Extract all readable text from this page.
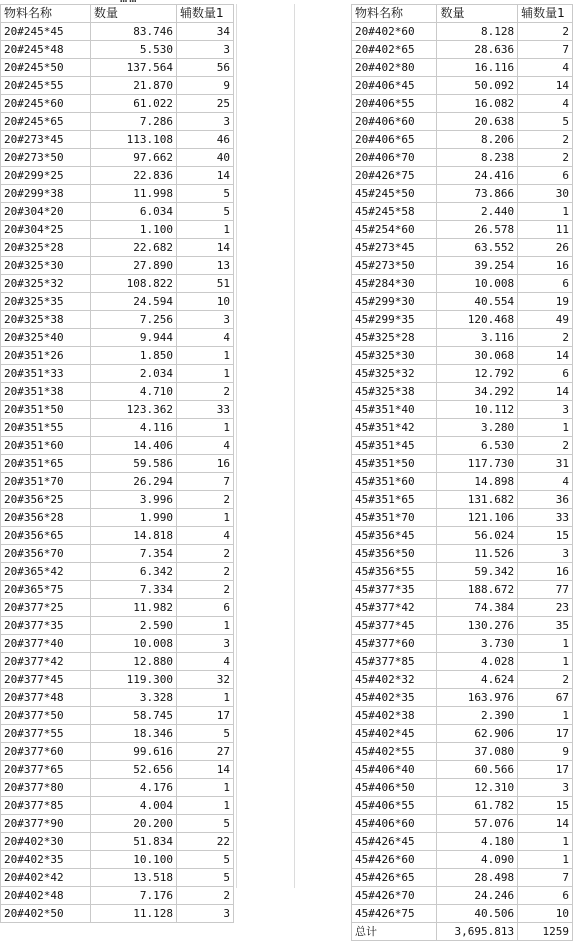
物料名称	数量	辅数量1
20#245*45	83.746	34
20#245*48	5.530	3
20#245*50	137.564	56
20#245*55	21.870	9
20#245*60	61.022	25
20#245*65	7.286	3
20#273*45	113.108	46
20#273*50	97.662	40
20#299*25	22.836	14
20#299*38	11.998	5
20#304*20	6.034	5
20#304*25	1.100	1
20#325*28	22.682	14
20#325*30	27.890	13
20#325*32	108.822	51
20#325*35	24.594	10
20#325*38	7.256	3
20#325*40	9.944	4
20#351*26	1.850	1
20#351*33	2.034	1
20#351*38	4.710	2
20#351*50	123.362	33
20#351*55	4.116	1
20#351*60	14.406	4
20#351*65	59.586	16
20#351*70	26.294	7
20#356*25	3.996	2
20#356*28	1.990	1
20#356*65	14.818	4
20#356*70	7.354	2
20#365*42	6.342	2
20#365*75	7.334	2
20#377*25	11.982	6
20#377*35	2.590	1
20#377*40	10.008	3
20#377*42	12.880	4
20#377*45	119.300	32
20#377*48	3.328	1
20#377*50	58.745	17
20#377*55	18.346	5
20#377*60	99.616	27
20#377*65	52.656	14
20#377*80	4.176	1
20#377*85	4.004	1
20#377*90	20.200	5
20#402*30	51.834	22
20#402*35	10.100	5
20#402*42	13.518	5
20#402*48	7.176	2
20#402*50	11.128	3
物料名称	数量	辅数量1
20#402*60	8.128	2
20#402*65	28.636	7
20#402*80	16.116	4
20#406*45	50.092	14
20#406*55	16.082	4
20#406*60	20.638	5
20#406*65	8.206	2
20#406*70	8.238	2
20#426*75	24.416	6
45#245*50	73.866	30
45#245*58	2.440	1
45#254*60	26.578	11
45#273*45	63.552	26
45#273*50	39.254	16
45#284*30	10.008	6
45#299*30	40.554	19
45#299*35	120.468	49
45#325*28	3.116	2
45#325*30	30.068	14
45#325*32	12.792	6
45#325*38	34.292	14
45#351*40	10.112	3
45#351*42	3.280	1
45#351*45	6.530	2
45#351*50	117.730	31
45#351*60	14.898	4
45#351*65	131.682	36
45#351*70	121.106	33
45#356*45	56.024	15
45#356*50	11.526	3
45#356*55	59.342	16
45#377*35	188.672	77
45#377*42	74.384	23
45#377*45	130.276	35
45#377*60	3.730	1
45#377*85	4.028	1
45#402*32	4.624	2
45#402*35	163.976	67
45#402*38	2.390	1
45#402*45	62.906	17
45#402*55	37.080	9
45#406*40	60.566	17
45#406*50	12.310	3
45#406*55	61.782	15
45#406*60	57.076	14
45#426*45	4.180	1
45#426*60	4.090	1
45#426*65	28.498	7
45#426*70	24.246	6
45#426*75	40.506	10
总计	3,695.813	1259
